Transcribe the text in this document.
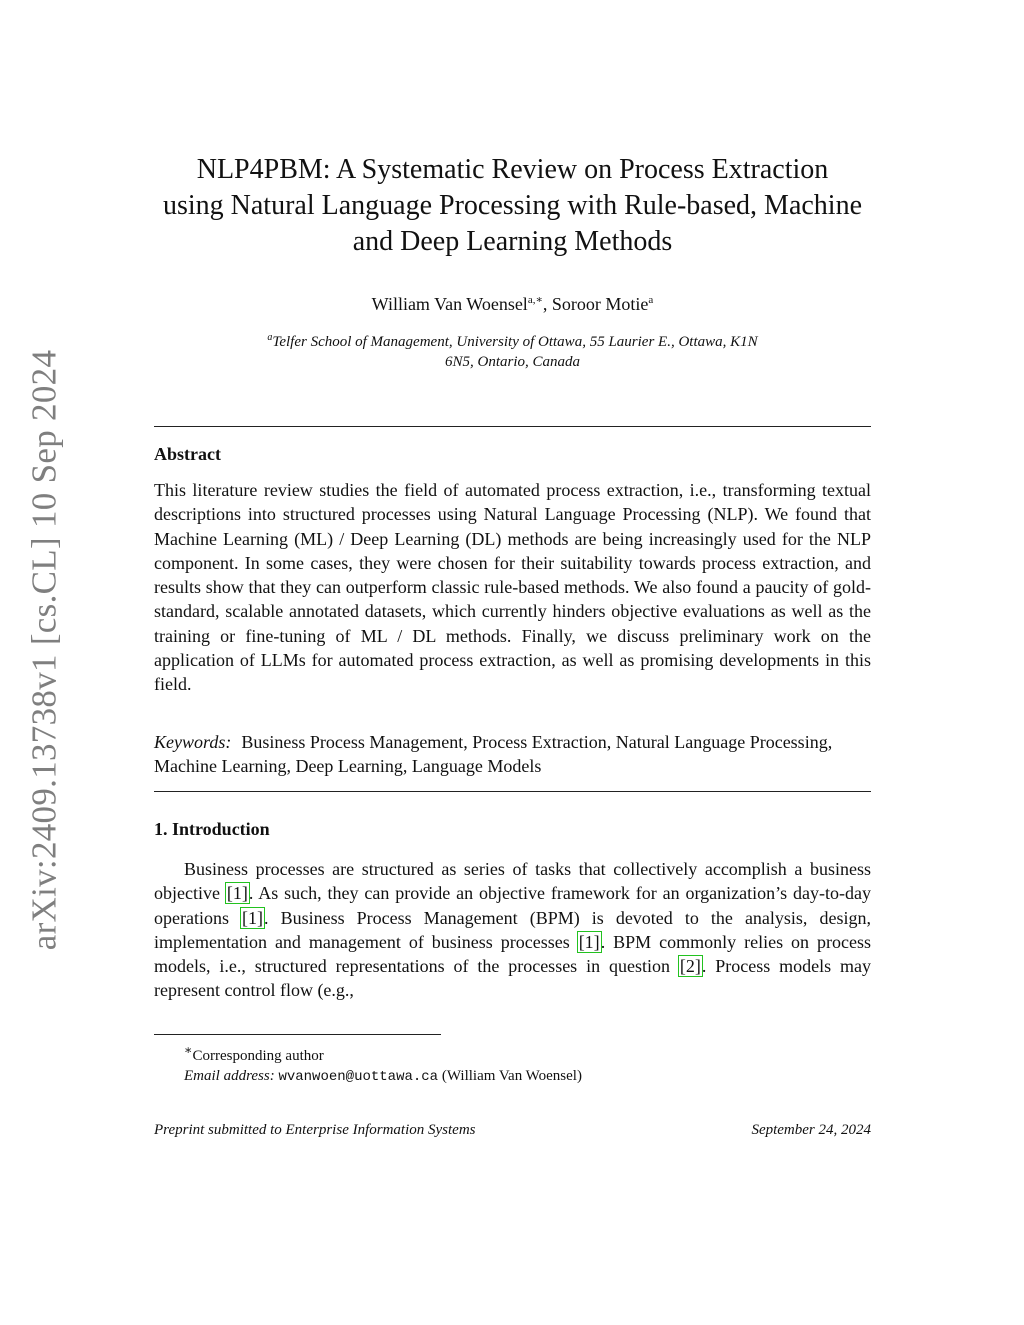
arXiv:2409.13738v1 [cs.CL] 10 Sep 2024
NLP4PBM: A Systematic Review on Process Extraction
using Natural Language Processing with Rule-based, Machine
and Deep Learning Methods
William Van Woensel$^{a,∗}$, Soroor Motie$^a$
$^a$Telfer School of Management, University of Ottawa, 55 Laurier E., Ottawa, K1N
6N5, Ontario, Canada
Abstract

This literature review studies the field of automated process extraction, i.e., transforming textual descriptions into structured processes using Natural Language Processing (NLP). We found that Machine Learning (ML) / Deep Learning (DL) methods are being increasingly used for the NLP component. In some cases, they were chosen for their suitability towards process extraction, and results show that they can outperform classic rule-based methods. We also found a paucity of gold-standard, scalable annotated datasets, which currently hinders objective evaluations as well as the training or fine-tuning of ML / DL methods. Finally, we discuss preliminary work on the application of LLMs for automated process extraction, as well as promising developments in this field.

Keywords: Business Process Management, Process Extraction, Natural Language Processing, Machine Learning, Deep Learning, Language Models

1. Introduction

Business processes are structured as series of tasks that collectively accomplish a business objective [1]. As such, they can provide an objective framework for an organization’s day-to-day operations [1]. Business Process Management (BPM) is devoted to the analysis, design, implementation and management of business processes [1]. BPM commonly relies on process models, i.e., structured representations of the processes in question [2]. Process models may represent control flow (e.g.,

∗Corresponding author
Email address: wvanwoen@uottawa.ca (William Van Woensel)
Preprint submitted to Enterprise Information Systems	September 24, 2024
